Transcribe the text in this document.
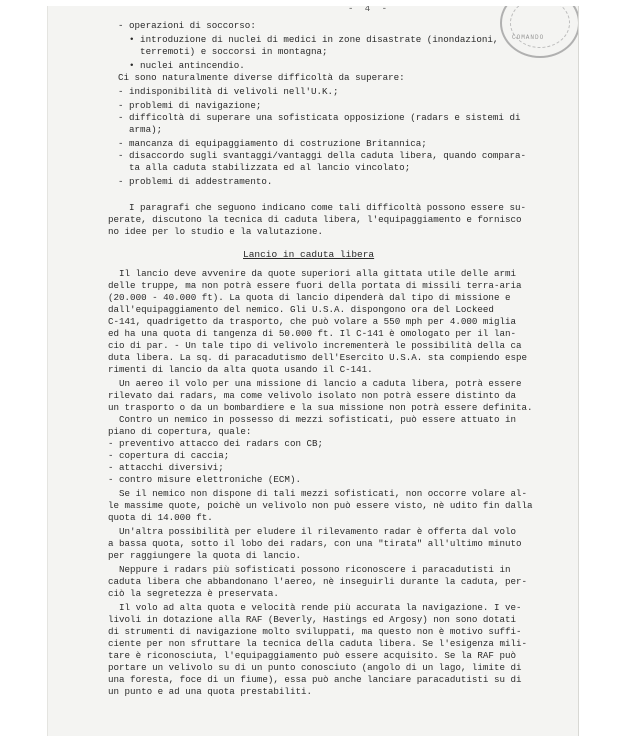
- 4 -
COMANDO
Lancio in caduta libera
- operazioni di soccorso:
• introduzione di nuclei di medici in zone disastrate (inondazioni,
terremoti) e soccorsi in montagna;
• nuclei antincendio.
Ci sono naturalmente diverse difficoltà da superare:
- indisponibilità di velivoli nell'U.K.;
- problemi di navigazione;
- difficoltà di superare una sofisticata opposizione (radars e sistemi di
arma);
- mancanza di equipaggiamento di costruzione Britannica;
- disaccordo sugli svantaggi/vantaggi della caduta libera, quando compara-
ta alla caduta stabilizzata ed al lancio vincolato;
- problemi di addestramento.
I paragrafi che seguono indicano come tali difficoltà possono essere su-
perate, discutono la tecnica di caduta libera, l'equipaggiamento e fornisco
no idee per lo studio e la valutazione.
Il lancio deve avvenire da quote superiori alla gittata utile delle armi
delle truppe, ma non potrà essere fuori della portata di missili terra-aria
(20.000 - 40.000 ft). La quota di lancio dipenderà dal tipo di missione e
dall'equipaggiamento del nemico. Gli U.S.A. dispongono ora del Lockeed
C-141, quadrigetto da trasporto, che può volare a 550 mph per 4.000 miglia
ed ha una quota di tangenza di 50.000 ft. Il C-141 è omologato per il lan-
cio di par. - Un tale tipo di velivolo incrementerà le possibilità della ca
duta libera. La sq. di paracadutismo dell'Esercito U.S.A. sta compiendo espe
rimenti di lancio da alta quota usando il C-141.
Un aereo il volo per una missione di lancio a caduta libera, potrà essere
rilevato dai radars, ma come velivolo isolato non potrà essere distinto da
un trasporto o da un bombardiere e la sua missione non potrà essere definita.
Contro un nemico in possesso di mezzi sofisticati, può essere attuato in
piano di copertura, quale:
- preventivo attacco dei radars con CB;
- copertura di caccia;
- attacchi diversivi;
- contro misure elettroniche (ECM).
Se il nemico non dispone di tali mezzi sofisticati, non occorre volare al-
le massime quote, poichè un velivolo non può essere visto, nè udito fin dalla
quota di 14.000 ft.
Un'altra possibilità per eludere il rilevamento radar è offerta dal volo
a bassa quota, sotto il lobo dei radars, con una "tirata" all'ultimo minuto
per raggiungere la quota di lancio.
Neppure i radars più sofisticati possono riconoscere i paracadutisti in
caduta libera che abbandonano l'aereo, nè inseguirli durante la caduta, per-
ciò la segretezza è preservata.
Il volo ad alta quota e velocità rende più accurata la navigazione. I ve-
livoli in dotazione alla RAF (Beverly, Hastings ed Argosy) non sono dotati
di strumenti di navigazione molto sviluppati, ma questo non è motivo suffi-
ciente per non sfruttare la tecnica della caduta libera. Se l'esigenza mili-
tare è riconosciuta, l'equipaggiamento può essere acquisito. Se la RAF può
portare un velivolo su di un punto conosciuto (angolo di un lago, limite di
una foresta, foce di un fiume), essa può anche lanciare paracadutisti su di
un punto e ad una quota prestabiliti.
